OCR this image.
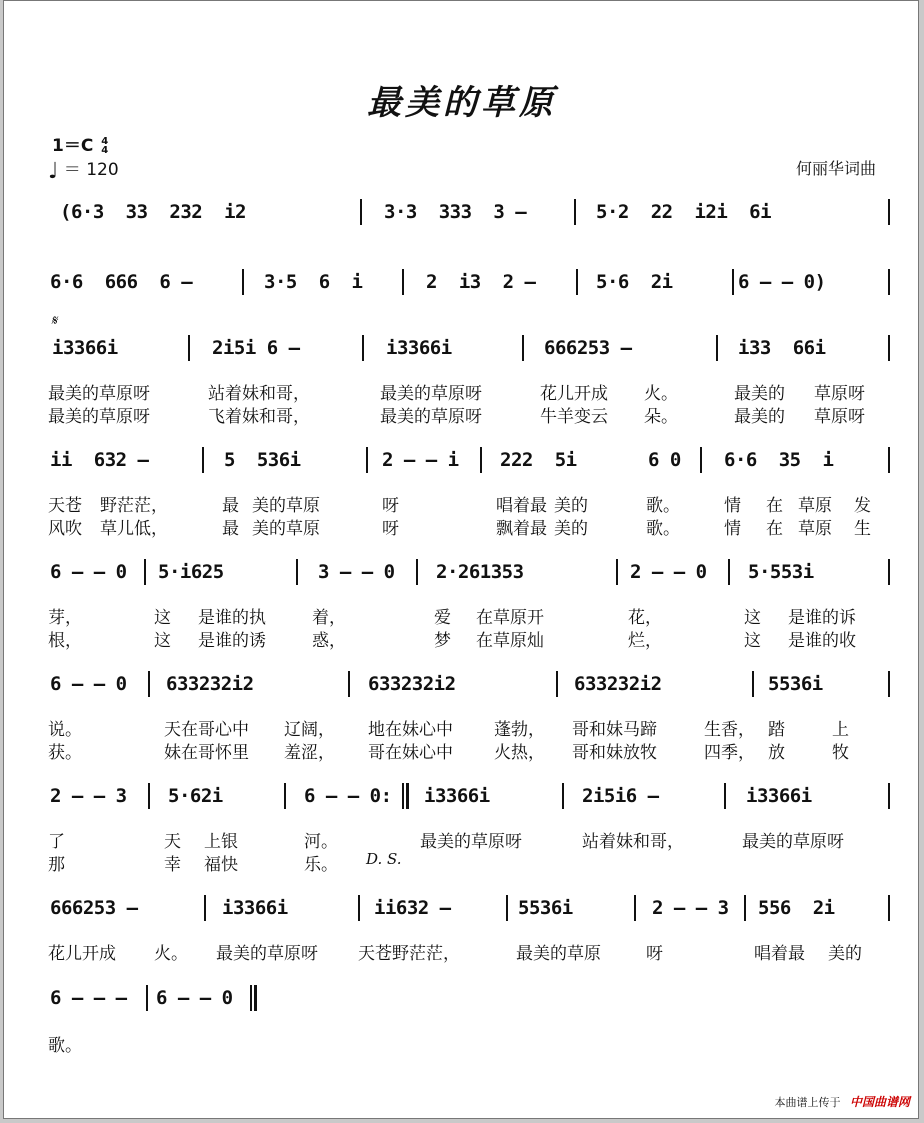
最美的草原
1＝C 4
4
♩ ＝ 120	何丽华词曲
𝄋
(6·3  33  232  i2	3·3  333  3 –	5·2  22  i2i  6i
6·6  666  6 –	3·5  6  i	2  i3  2 –	5·6  2i	6 – – 0)
i3366i	2i5i 6 –	i3366i	666253 –	i33  66i
ii  632 –	5  536i	2 – – i 222  5i	6 0 6·6  35  i
6 – – 0 5·i625	3 – – 0 2·261353	2 – – 0 5·553i
6 – – 0 633232i2	633232i2	633232i2	5536i
2 – – 3 5·62i	6 – – 0: i3366i	2i5i6 –	i3366i
666253 –	i3366i	ii632 –	5536i	2 – – 3 556  2i
6 – – – 6 – – 0
最美的草原呀	站着妹和哥，	最美的草原呀	花儿开成 火。	最美的 草原呀
最美的草原呀	飞着妹和哥，	最美的草原呀	牛羊变云 朵。	最美的 草原呀
天苍 野茫茫，	最 美的草原	呀	唱着最 美的	歌。	情 在 草原 发
风吹 草儿低，	最 美的草原	呀	飘着最 美的	歌。	情 在 草原 生
芽，	这 是谁的执	着，	爱 在草原开	花，	这 是谁的诉
根，	这 是谁的诱	惑，	梦 在草原灿	烂，	这 是谁的收
说。	天在哥心中 辽阔， 地在妹心中 蓬勃， 哥和妹马蹄	生香， 踏	上
获。	妹在哥怀里 羞涩， 哥在妹心中 火热， 哥和妹放牧	四季， 放	牧
了	天 上银	河。	最美的草原呀	站着妹和哥，	最美的草原呀
那	幸 福快	乐。 D. S.
花儿开成 火。 最美的草原呀 天苍野茫茫，	最美的草原	呀	唱着最 美的
歌。
本曲谱上传于 中国曲谱网
